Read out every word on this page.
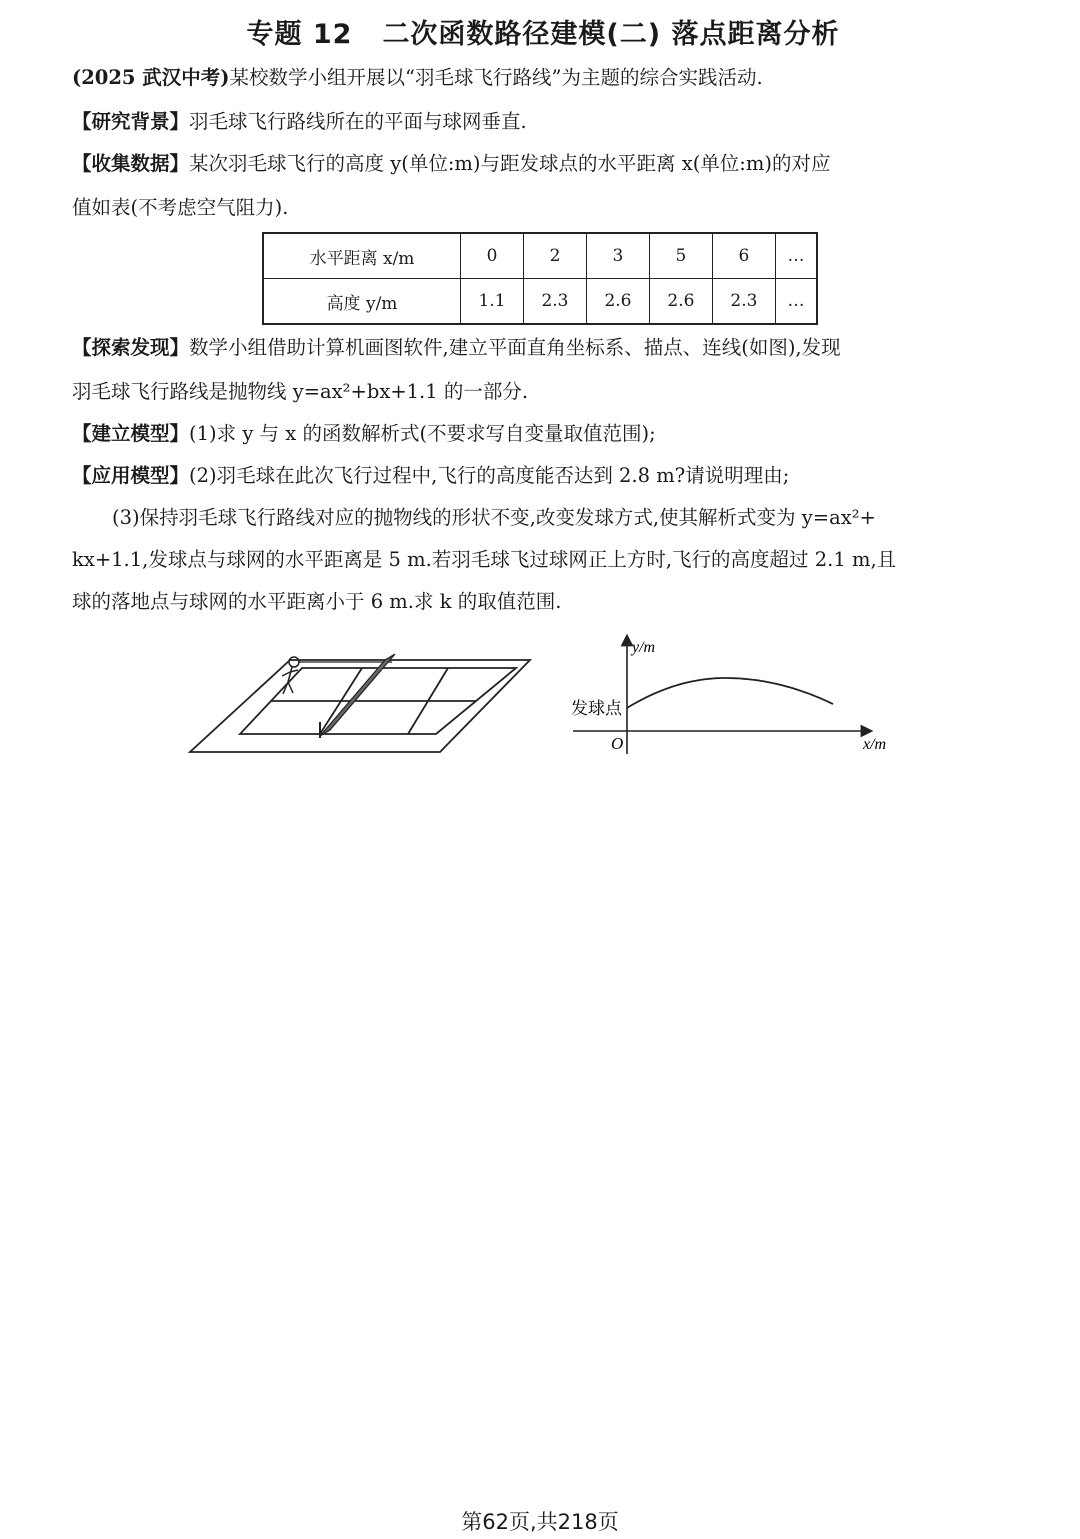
专题 12 二次函数路径建模(二) 落点距离分析
(2025 武汉中考)某校数学小组开展以“羽毛球飞行路线”为主题的综合实践活动.
【研究背景】羽毛球飞行路线所在的平面与球网垂直.
【收集数据】某次羽毛球飞行的高度 y(单位:m)与距发球点的水平距离 x(单位:m)的对应
值如表(不考虑空气阻力).
水平距离 x/m	0	2	3	5	6	…
高度 y/m	1.1	2.3	2.6	2.6	2.3	…
【探索发现】数学小组借助计算机画图软件,建立平面直角坐标系、描点、连线(如图),发现
羽毛球飞行路线是抛物线 y=ax²+bx+1.1 的一部分.
【建立模型】(1)求 y 与 x 的函数解析式(不要求写自变量取值范围);
【应用模型】(2)羽毛球在此次飞行过程中,飞行的高度能否达到 2.8 m?请说明理由;
(3)保持羽毛球飞行路线对应的抛物线的形状不变,改变发球方式,使其解析式变为 y=ax²+
kx+1.1,发球点与球网的水平距离是 5 m.若羽毛球飞过球网正上方时,飞行的高度超过 2.1 m,且
球的落地点与球网的水平距离小于 6 m.求 k 的取值范围.
y/m
x/m
O
发球点
第62页,共218页
